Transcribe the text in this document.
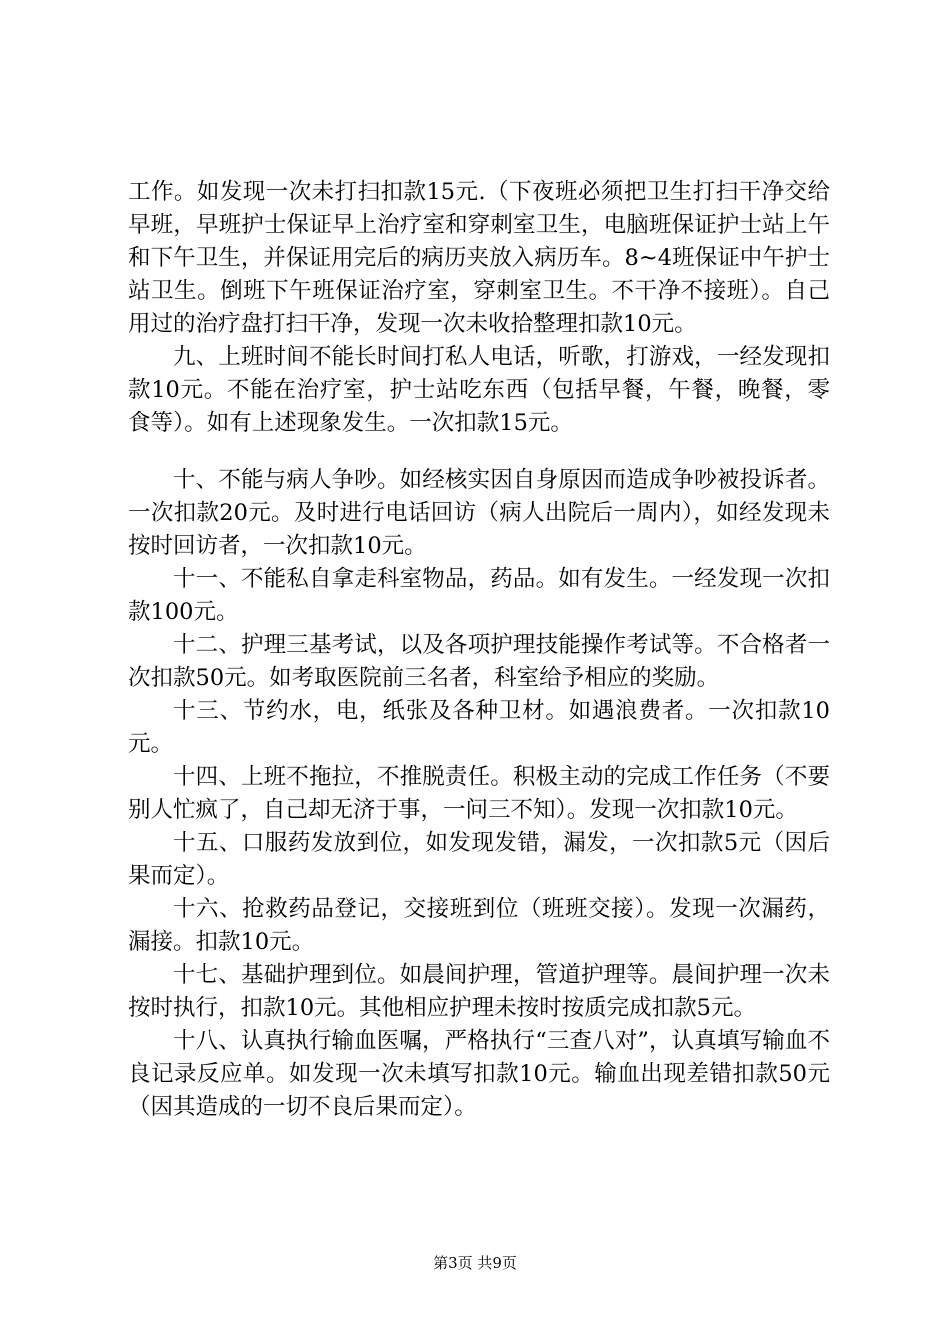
工作。如发现一次未打扫扣款15元.（下夜班必须把卫生打扫干净交给早班，早班护士保证早上治疗室和穿刺室卫生，电脑班保证护士站上午和下午卫生，并保证用完后的病历夹放入病历车。8~4班保证中午护士站卫生。倒班下午班保证治疗室，穿刺室卫生。不干净不接班）。自己用过的治疗盘打扫干净，发现一次未收拾整理扣款10元。

九、上班时间不能长时间打私人电话，听歌，打游戏，一经发现扣款10元。不能在治疗室，护士站吃东西（包括早餐，午餐，晚餐，零食等）。如有上述现象发生。一次扣款15元。

十、不能与病人争吵。如经核实因自身原因而造成争吵被投诉者。一次扣款20元。及时进行电话回访（病人出院后一周内），如经发现未按时回访者，一次扣款10元。

十一、不能私自拿走科室物品，药品。如有发生。一经发现一次扣款100元。

十二、护理三基考试，以及各项护理技能操作考试等。不合格者一次扣款50元。如考取医院前三名者，科室给予相应的奖励。

十三、节约水，电，纸张及各种卫材。如遇浪费者。一次扣款10元。

十四、上班不拖拉，不推脱责任。积极主动的完成工作任务（不要别人忙疯了，自己却无济于事，一问三不知）。发现一次扣款10元。

十五、口服药发放到位，如发现发错，漏发，一次扣款5元（因后果而定）。

十六、抢救药品登记，交接班到位（班班交接）。发现一次漏药，漏接。扣款10元。

十七、基础护理到位。如晨间护理，管道护理等。晨间护理一次未按时执行，扣款10元。其他相应护理未按时按质完成扣款5元。

十八、认真执行输血医嘱，严格执行“三查八对”，认真填写输血不良记录反应单。如发现一次未填写扣款10元。输血出现差错扣款50元（因其造成的一切不良后果而定）。

第3页 共9页
